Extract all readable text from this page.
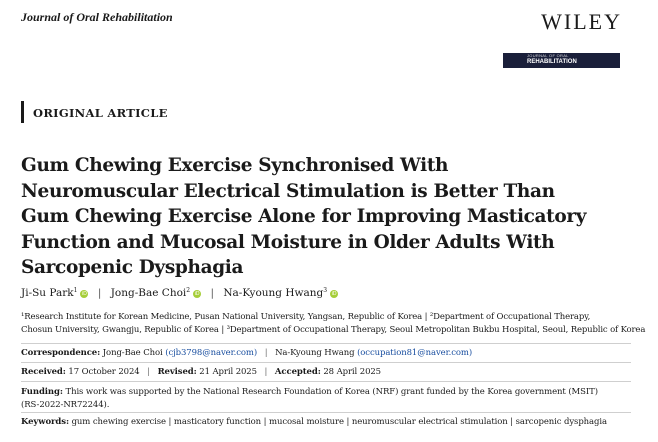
Journal of Oral Rehabilitation	WILEY
JOURNAL OF ORAL
REHABILITATION
ORIGINAL ARTICLE
Gum Chewing Exercise Synchronised With
Neuromuscular Electrical Stimulation is Better Than
Gum Chewing Exercise Alone for Improving Masticatory
Function and Mucosal Moisture in Older Adults With
Sarcopenic Dysphagia
Ji-Su Park$^1$ iD | Jong-Bae Choi$^2$ iD | Na-Kyoung Hwang$^3$ iD
¹Research Institute for Korean Medicine, Pusan National University, Yangsan, Republic of Korea | ²Department of Occupational Therapy,
Chosun University, Gwangju, Republic of Korea | ³Department of Occupational Therapy, Seoul Metropolitan Bukbu Hospital, Seoul, Republic of Korea
Correspondence: Jong-Bae Choi (cjb3798@naver.com) | Na-Kyoung Hwang (occupation81@naver.com)
Received: 17 October 2024 | Revised: 21 April 2025 | Accepted: 28 April 2025
Funding: This work was supported by the National Research Foundation of Korea (NRF) grant funded by the Korea government (MSIT)
(RS-2022-NR72244).
Keywords: gum chewing exercise | masticatory function | mucosal moisture | neuromuscular electrical stimulation | sarcopenic dysphagia
